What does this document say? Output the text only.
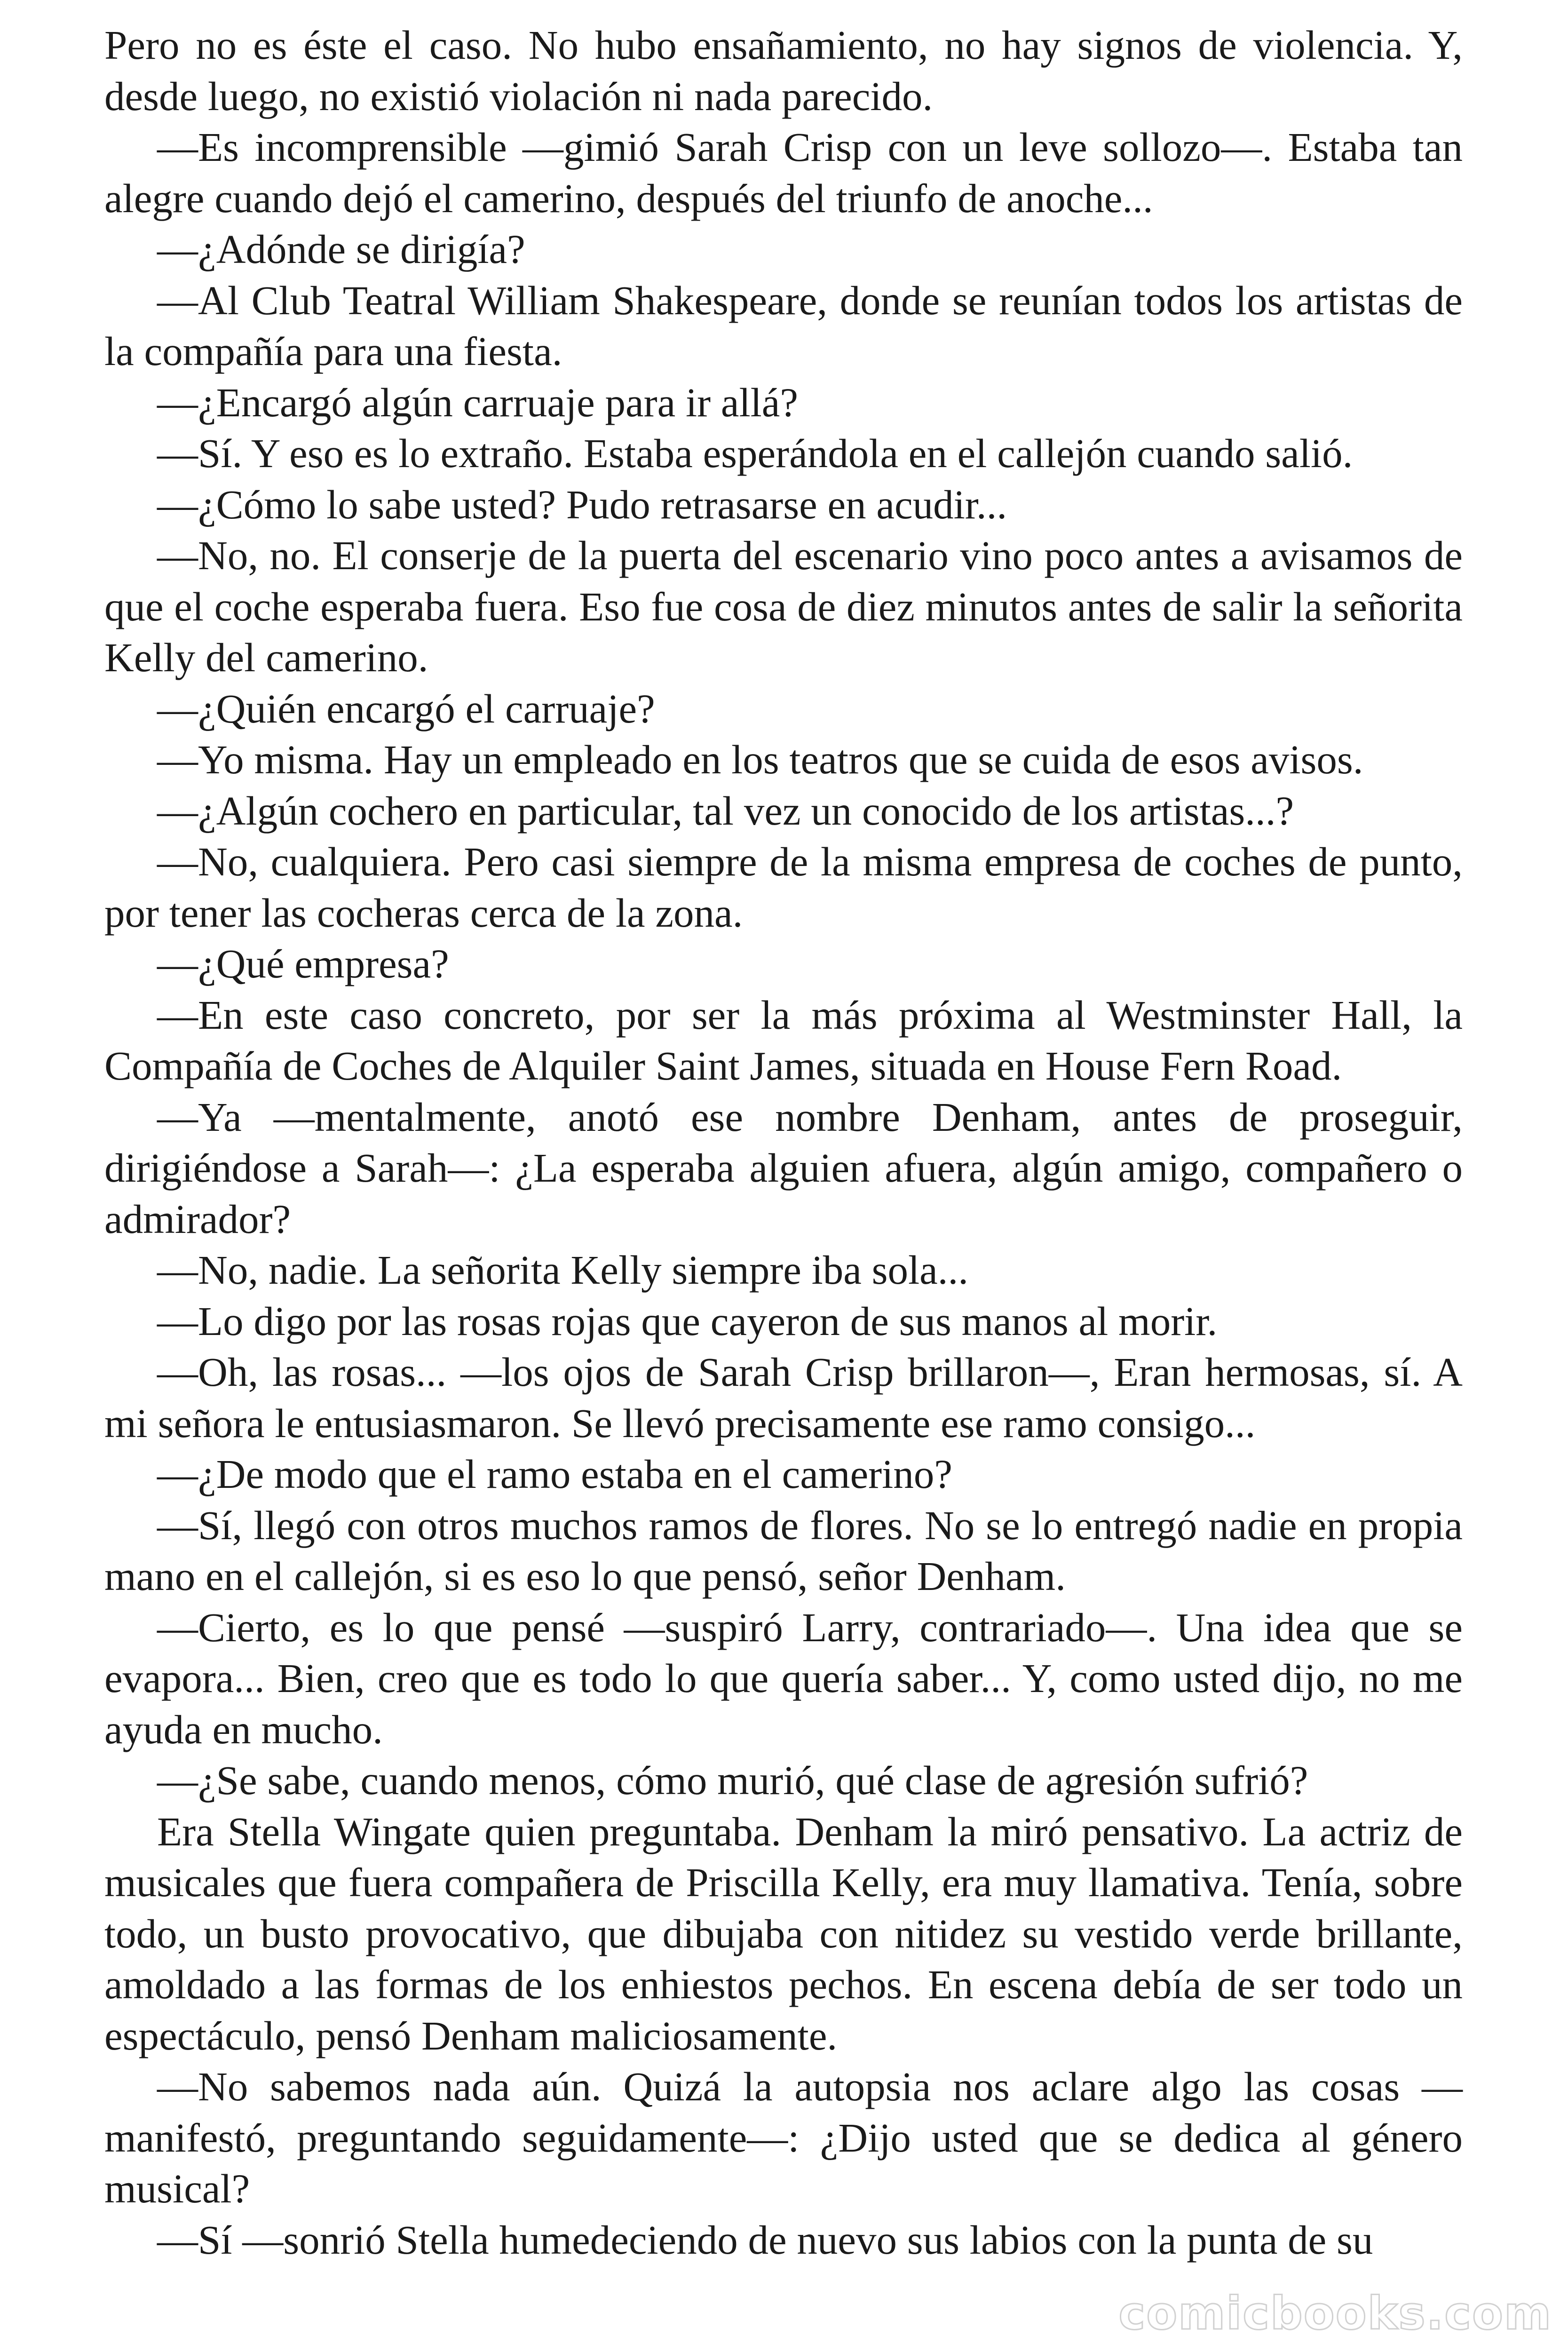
Pero no es éste el caso. No hubo ensañamiento, no hay signos de violencia. Y, desde luego, no existió violación ni nada parecido.

—Es incomprensible —gimió Sarah Crisp con un leve sollozo—. Estaba tan alegre cuando dejó el camerino, después del triunfo de anoche...

—¿Adónde se dirigía?

—Al Club Teatral William Shakespeare, donde se reunían todos los artistas de la compañía para una fiesta.

—¿Encargó algún carruaje para ir allá?

—Sí. Y eso es lo extraño. Estaba esperándola en el callejón cuando salió.

—¿Cómo lo sabe usted? Pudo retrasarse en acudir...

—No, no. El conserje de la puerta del escenario vino poco antes a avisamos de que el coche esperaba fuera. Eso fue cosa de diez minutos antes de salir la señorita Kelly del camerino.

—¿Quién encargó el carruaje?

—Yo misma. Hay un empleado en los teatros que se cuida de esos avisos.

—¿Algún cochero en particular, tal vez un conocido de los artistas...?

—No, cualquiera. Pero casi siempre de la misma empresa de coches de punto, por tener las cocheras cerca de la zona.

—¿Qué empresa?

—En este caso concreto, por ser la más próxima al Westminster Hall, la Compañía de Coches de Alquiler Saint James, situada en House Fern Road.

—Ya —mentalmente, anotó ese nombre Denham, antes de proseguir, dirigiéndose a Sarah—: ¿La esperaba alguien afuera, algún amigo, compañero o admirador?

—No, nadie. La señorita Kelly siempre iba sola...

—Lo digo por las rosas rojas que cayeron de sus manos al morir.

—Oh, las rosas... —los ojos de Sarah Crisp brillaron—, Eran hermosas, sí. A mi señora le entusiasmaron. Se llevó precisamente ese ramo consigo...

—¿De modo que el ramo estaba en el camerino?

—Sí, llegó con otros muchos ramos de flores. No se lo entregó nadie en propia mano en el callejón, si es eso lo que pensó, señor Denham.

—Cierto, es lo que pensé —suspiró Larry, contrariado—. Una idea que se evapora... Bien, creo que es todo lo que quería saber... Y, como usted dijo, no me ayuda en mucho.

—¿Se sabe, cuando menos, cómo murió, qué clase de agresión sufrió?

Era Stella Wingate quien preguntaba. Denham la miró pensativo. La actriz de musicales que fuera compañera de Priscilla Kelly, era muy llamativa. Tenía, sobre todo, un busto provocativo, que dibujaba con nitidez su vestido verde brillante, amoldado a las formas de los enhiestos pechos. En escena debía de ser todo un espectáculo, pensó Denham maliciosamente.

—No sabemos nada aún. Quizá la autopsia nos aclare algo las cosas — manifestó, preguntando seguidamente—: ¿Dijo usted que se dedica al género musical?

—Sí —sonrió Stella humedeciendo de nuevo sus labios con la punta de su

comicbooks.com
